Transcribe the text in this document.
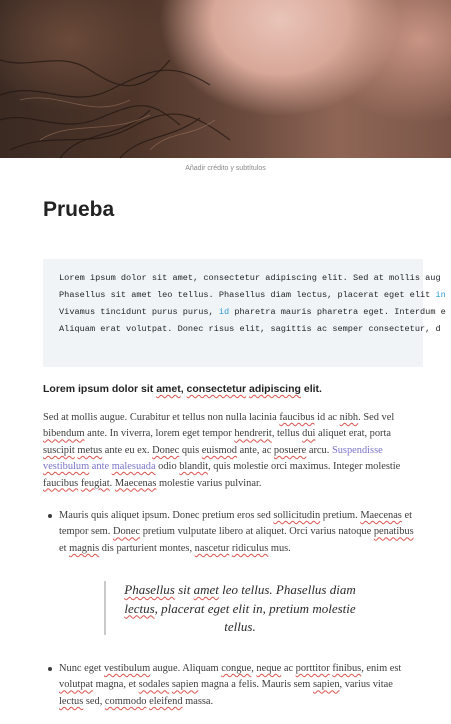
Añadir crédito y subtítulos
Prueba
Lorem ipsum dolor sit amet, consectetur adipiscing elit. Sed at mollis aug
Phasellus sit amet leo tellus. Phasellus diam lectus, placerat eget elit in
Vivamus tincidunt purus purus, id pharetra mauris pharetra eget. Interdum e
Aliquam erat volutpat. Donec risus elit, sagittis ac semper consectetur, d
Lorem ipsum dolor sit amet, consectetur adipiscing elit.

Sed at mollis augue. Curabitur et tellus non nulla lacinia faucibus id ac nibh. Sed vel bibendum ante. In viverra, lorem eget tempor hendrerit, tellus dui aliquet erat, porta suscipit metus ante eu ex. Donec quis euismod ante, ac posuere arcu. Suspendisse vestibulum ante malesuada odio blandit, quis molestie orci maximus. Integer molestie faucibus feugiat. Maecenas molestie varius pulvinar.

Mauris quis aliquet ipsum. Donec pretium eros sed sollicitudin pretium. Maecenas et tempor sem. Donec pretium vulputate libero at aliquet. Orci varius natoque penatibus et magnis dis parturient montes, nascetur ridiculus mus.
Phasellus sit amet leo tellus. Phasellus diam lectus, placerat eget elit in, pretium molestie tellus.
Nunc eget vestibulum augue. Aliquam congue, neque ac porttitor finibus, enim est volutpat magna, et sodales sapien magna a felis. Mauris sem sapien, varius vitae lectus sed, commodo eleifend massa.
